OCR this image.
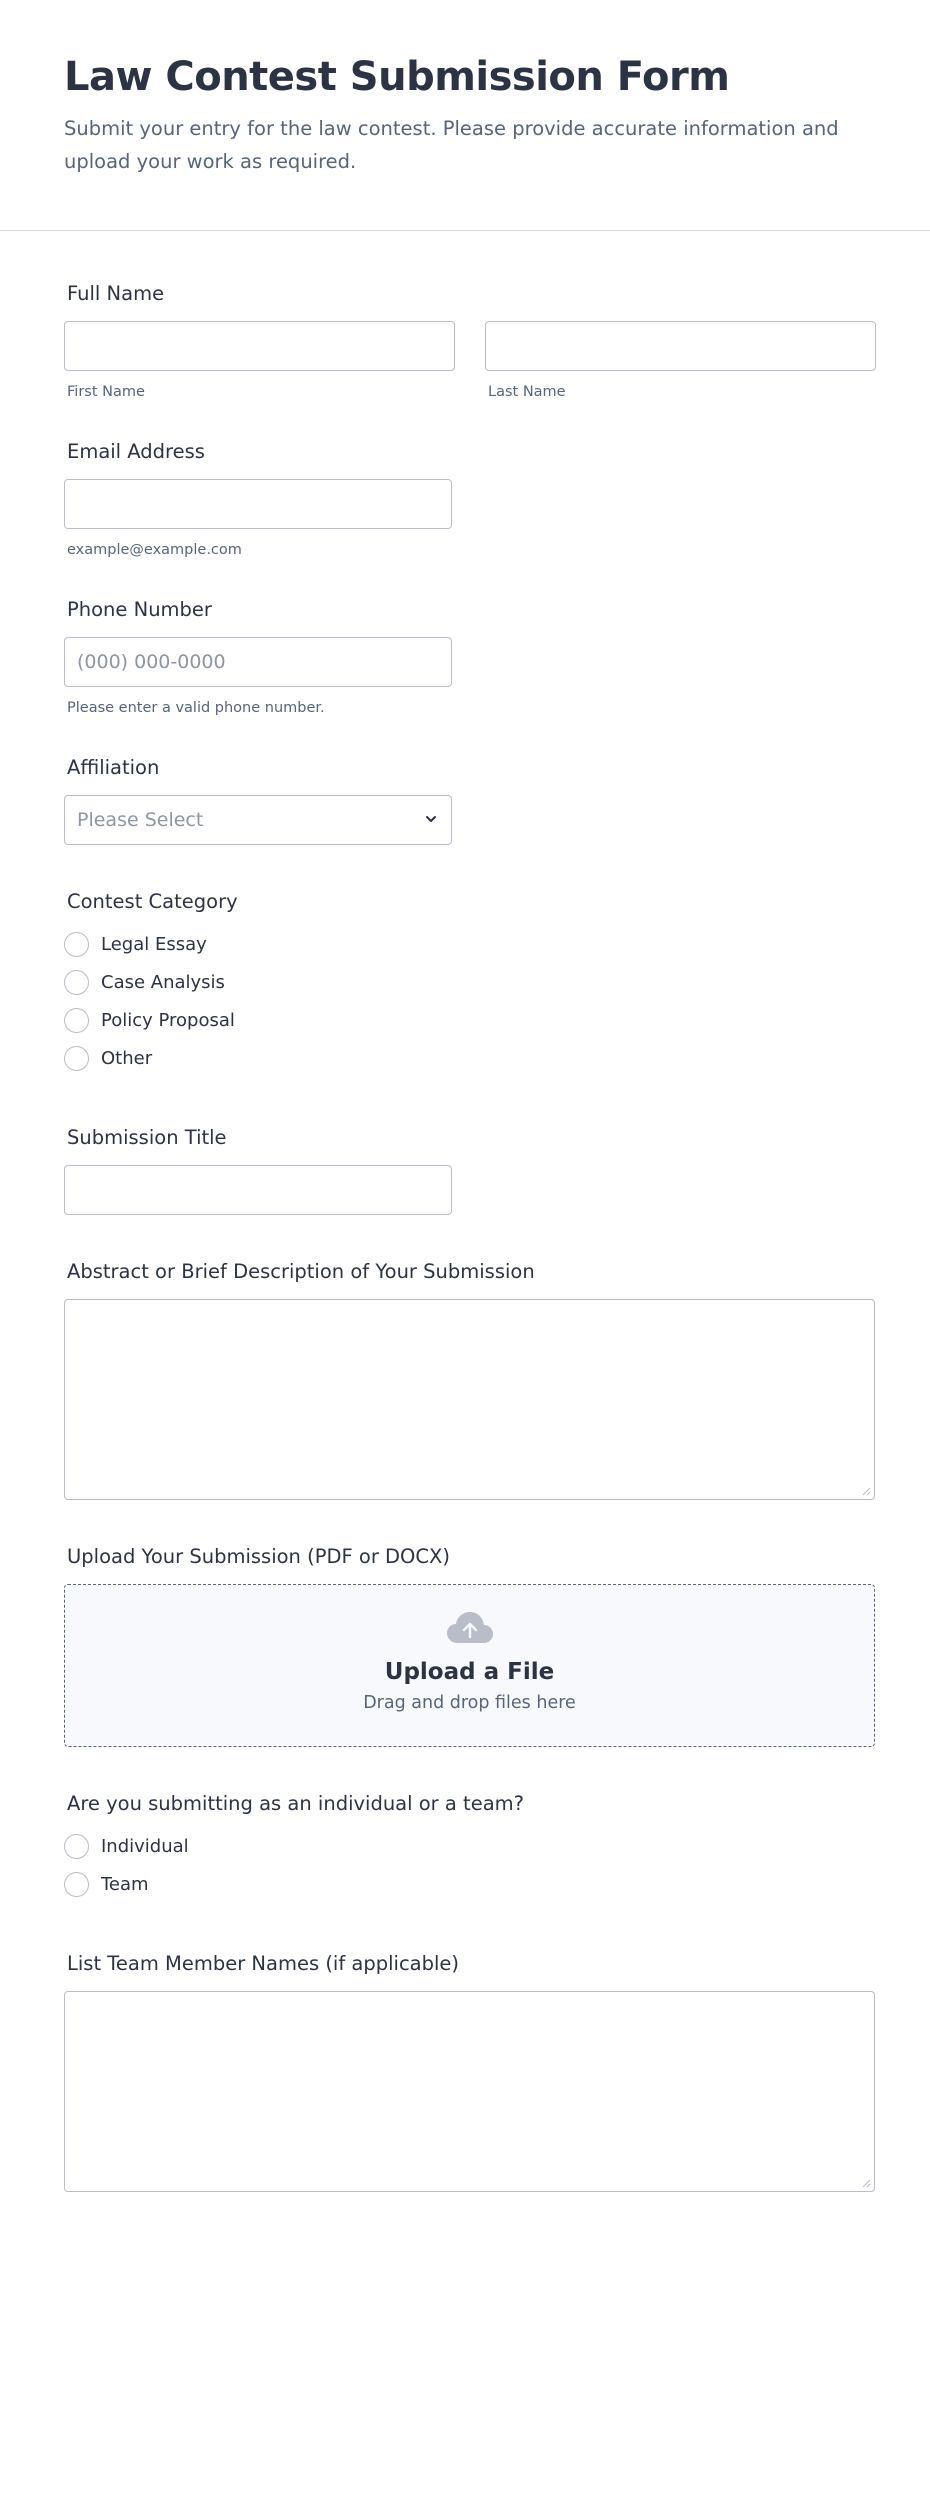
Law Contest Submission Form
Submit your entry for the law contest. Please provide accurate information and upload your work as required.
Full Name
First Name	Last Name
Email Address
example@example.com
Phone Number
(000) 000-0000
Please enter a valid phone number.
Affiliation
Please Select
Contest Category
Legal Essay
Case Analysis
Policy Proposal
Other
Submission Title
Abstract or Brief Description of Your Submission
Upload Your Submission (PDF or DOCX)
Upload a File
Drag and drop files here
Are you submitting as an individual or a team?
Individual
Team
List Team Member Names (if applicable)
